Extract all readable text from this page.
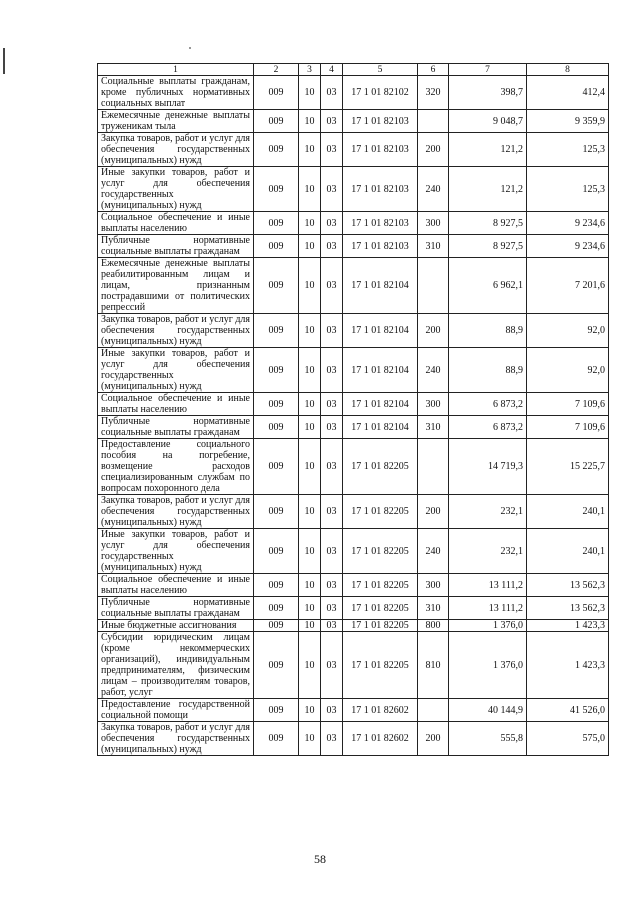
1	2	3	4	5	6	7	8
Социальные выплаты гражданам, кроме публичных нормативных социальных выплат	009	10	03	17 1 01 82102	320	398,7	412,4
Ежемесячные денежные выплаты труженикам тыла	009	10	03	17 1 01 82103		9 048,7	9 359,9
Закупка товаров, работ и услуг для обеспечения государственных (муниципальных) нужд	009	10	03	17 1 01 82103	200	121,2	125,3
Иные закупки товаров, работ и услуг для обеспечения государственных (муниципальных) нужд	009	10	03	17 1 01 82103	240	121,2	125,3
Социальное обеспечение и иные выплаты населению	009	10	03	17 1 01 82103	300	8 927,5	9 234,6
Публичные нормативные социальные выплаты гражданам	009	10	03	17 1 01 82103	310	8 927,5	9 234,6
Ежемесячные денежные выплаты реабилитированным лицам и лицам, признанным пострадавшими от политических репрессий	009	10	03	17 1 01 82104		6 962,1	7 201,6
Закупка товаров, работ и услуг для обеспечения государственных (муниципальных) нужд	009	10	03	17 1 01 82104	200	88,9	92,0
Иные закупки товаров, работ и услуг для обеспечения государственных (муниципальных) нужд	009	10	03	17 1 01 82104	240	88,9	92,0
Социальное обеспечение и иные выплаты населению	009	10	03	17 1 01 82104	300	6 873,2	7 109,6
Публичные нормативные социальные выплаты гражданам	009	10	03	17 1 01 82104	310	6 873,2	7 109,6
Предоставление социального пособия на погребение, возмещение расходов специализированным службам по вопросам похоронного дела	009	10	03	17 1 01 82205		14 719,3	15 225,7
Закупка товаров, работ и услуг для обеспечения государственных (муниципальных) нужд	009	10	03	17 1 01 82205	200	232,1	240,1
Иные закупки товаров, работ и услуг для обеспечения государственных (муниципальных) нужд	009	10	03	17 1 01 82205	240	232,1	240,1
Социальное обеспечение и иные выплаты населению	009	10	03	17 1 01 82205	300	13 111,2	13 562,3
Публичные нормативные социальные выплаты гражданам	009	10	03	17 1 01 82205	310	13 111,2	13 562,3
Иные бюджетные ассигнования	009	10	03	17 1 01 82205	800	1 376,0	1 423,3
Субсидии юридическим лицам (кроме некоммерческих организаций), индивидуальным предпринимателям, физическим лицам – производителям товаров, работ, услуг	009	10	03	17 1 01 82205	810	1 376,0	1 423,3
Предоставление государственной социальной помощи	009	10	03	17 1 01 82602		40 144,9	41 526,0
Закупка товаров, работ и услуг для обеспечения государственных (муниципальных) нужд	009	10	03	17 1 01 82602	200	555,8	575,0
58
